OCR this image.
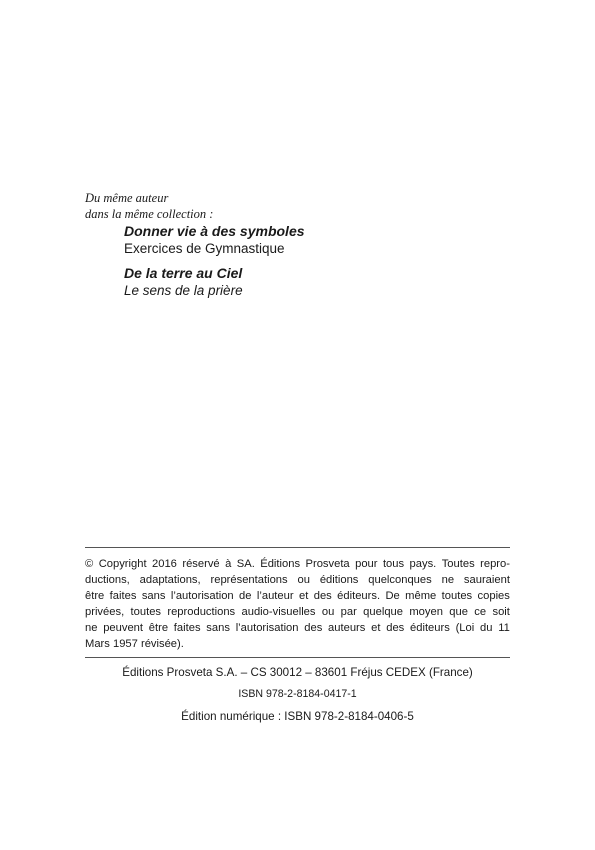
Du même auteur
dans la même collection :
Donner vie à des symboles
Exercices de Gymnastique
De la terre au Ciel
Le sens de la prière
© Copyright 2016 réservé à SA. Éditions Prosveta pour tous pays. Toutes repro-
ductions, adaptations, représentations ou éditions quelconques ne sauraient
être faites sans l’autorisation de l’auteur et des éditeurs. De même toutes copies
privées, toutes reproductions audio-visuelles ou par quelque moyen que ce soit
ne peuvent être faites sans l’autorisation des auteurs et des éditeurs (Loi du 11
Mars 1957 révisée).
Éditions Prosveta S.A. – CS 30012 – 83601 Fréjus CEDEX (France)
ISBN 978-2-8184-0417-1
Édition numérique : ISBN 978-2-8184-0406-5
